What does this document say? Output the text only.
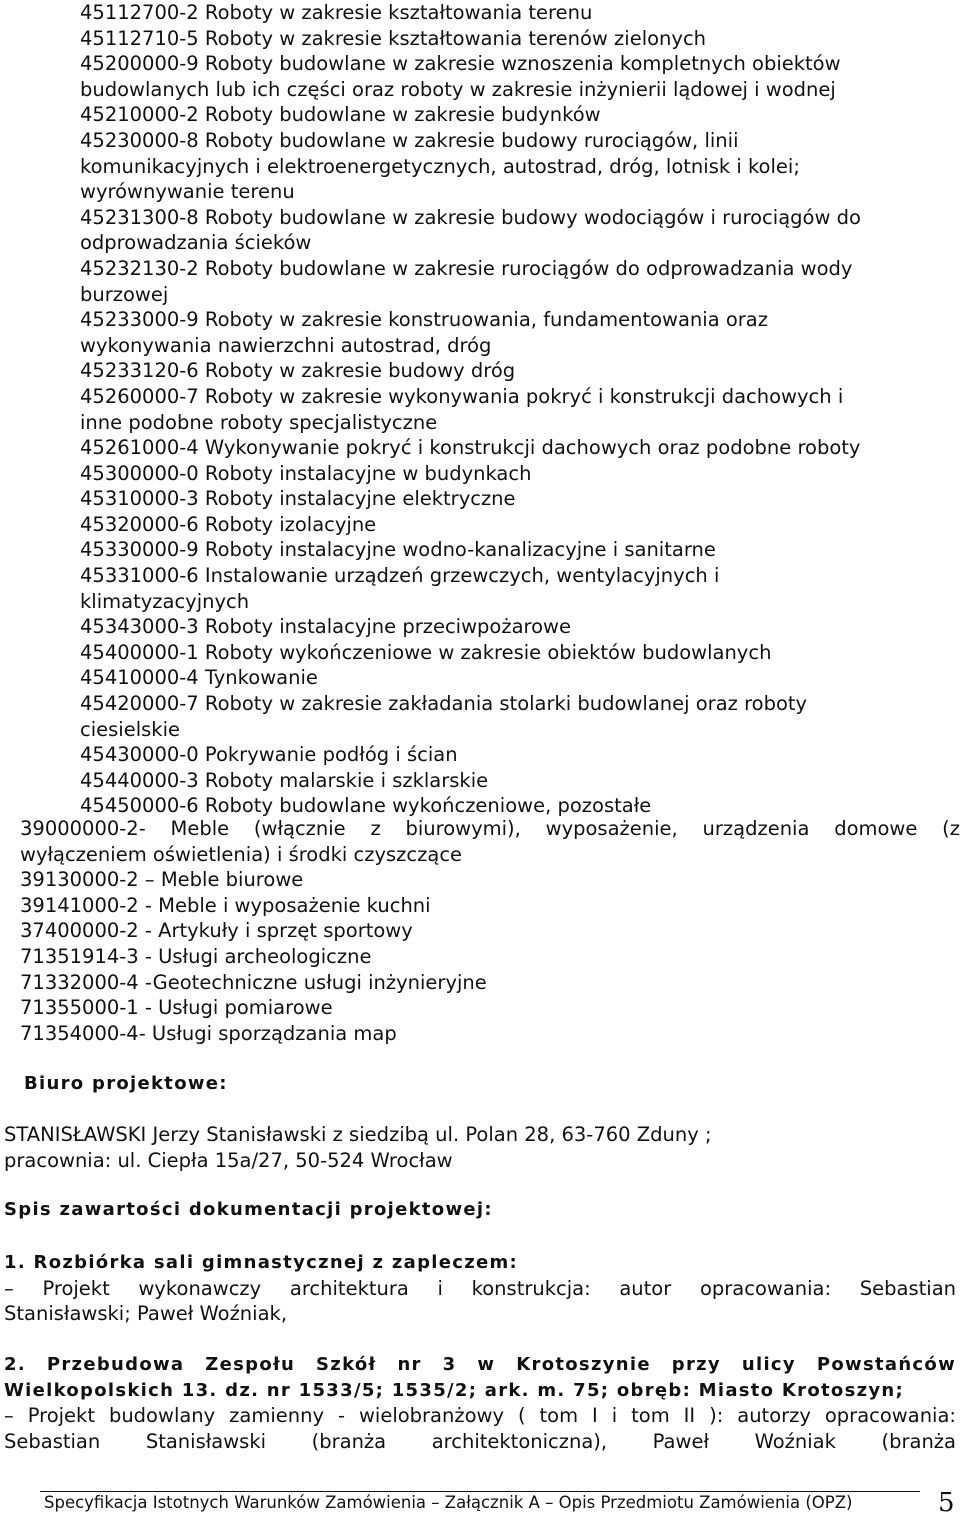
45112700-2 Roboty w zakresie kształtowania terenu
45112710-5 Roboty w zakresie kształtowania terenów zielonych
45200000-9 Roboty budowlane w zakresie wznoszenia kompletnych obiektów
budowlanych lub ich części oraz roboty w zakresie inżynierii lądowej i wodnej
45210000-2 Roboty budowlane w zakresie budynków
45230000-8 Roboty budowlane w zakresie budowy rurociągów, linii
komunikacyjnych i elektroenergetycznych, autostrad, dróg, lotnisk i kolei;
wyrównywanie terenu
45231300-8 Roboty budowlane w zakresie budowy wodociągów i rurociągów do
odprowadzania ścieków
45232130-2 Roboty budowlane w zakresie rurociągów do odprowadzania wody
burzowej
45233000-9 Roboty w zakresie konstruowania, fundamentowania oraz
wykonywania nawierzchni autostrad, dróg
45233120-6 Roboty w zakresie budowy dróg
45260000-7 Roboty w zakresie wykonywania pokryć i konstrukcji dachowych i
inne podobne roboty specjalistyczne
45261000-4 Wykonywanie pokryć i konstrukcji dachowych oraz podobne roboty
45300000-0 Roboty instalacyjne w budynkach
45310000-3 Roboty instalacyjne elektryczne
45320000-6 Roboty izolacyjne
45330000-9 Roboty instalacyjne wodno-kanalizacyjne i sanitarne
45331000-6 Instalowanie urządzeń grzewczych, wentylacyjnych i
klimatyzacyjnych
45343000-3 Roboty instalacyjne przeciwpożarowe
45400000-1 Roboty wykończeniowe w zakresie obiektów budowlanych
45410000-4 Tynkowanie
45420000-7 Roboty w zakresie zakładania stolarki budowlanej oraz roboty
ciesielskie
45430000-0 Pokrywanie podłóg i ścian
45440000-3 Roboty malarskie i szklarskie
45450000-6 Roboty budowlane wykończeniowe, pozostałe
39000000-2- Meble (włącznie z biurowymi), wyposażenie, urządzenia domowe (z
wyłączeniem oświetlenia) i środki czyszczące
39130000-2 – Meble biurowe
39141000-2 - Meble i wyposażenie kuchni
37400000-2 - Artykuły i sprzęt sportowy
71351914-3 - Usługi archeologiczne
71332000-4 -Geotechniczne usługi inżynieryjne
71355000-1 - Usługi pomiarowe
71354000-4- Usługi sporządzania map
Biuro projektowe:
STANISŁAWSKI Jerzy Stanisławski z siedzibą ul. Polan 28, 63-760 Zduny ;
pracownia: ul. Ciepła 15a/27, 50-524 Wrocław
Spis zawartości dokumentacji projektowej:
1. Rozbiórka sali gimnastycznej z zapleczem:
– Projekt wykonawczy architektura i konstrukcja: autor opracowania: Sebastian
Stanisławski; Paweł Woźniak,
2. Przebudowa Zespołu Szkół nr 3 w Krotoszynie przy ulicy Powstańców
Wielkopolskich 13. dz. nr 1533/5; 1535/2; ark. m. 75; obręb: Miasto Krotoszyn;
– Projekt budowlany zamienny - wielobranżowy ( tom I i tom II ): autorzy opracowania:
Sebastian Stanisławski (branża architektoniczna), Paweł Woźniak (branża
Specyfikacja Istotnych Warunków Zamówienia – Załącznik A – Opis Przedmiotu Zamówienia (OPZ)	5
